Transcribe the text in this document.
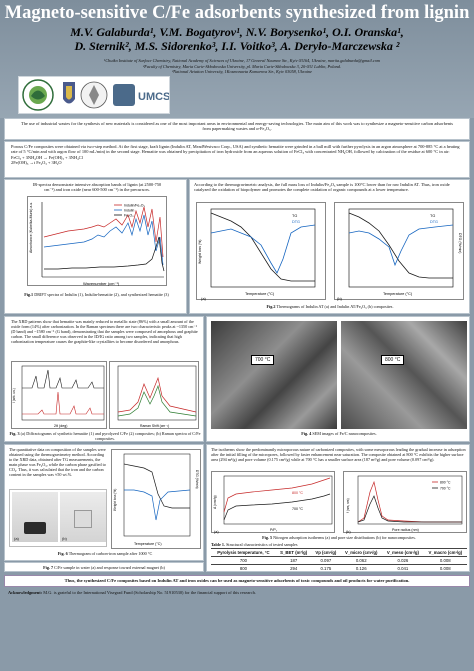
Magneto-sensitive C/Fe adsorbents synthesized from lignin
M.V. Galaburda¹, V.M. Bogatyrov¹, N.V. Borysenko¹, O.I. Oranska¹,
D. Sternik², M.S. Sidorenko³, I.I. Voitko³, A. Deryło-Marczewska ²
¹Chuiko Institute of Surface Chemistry, National Academy of Sciences of Ukraine, 17 General Naumov Str., Kyiv 03164, Ukraine, mariia.galaburda@gmail.com
²Faculty of Chemistry, Maria Curie-Skłodowska University, pl. Maria Curie-Skłodowska 3, 20-031 Lublin, Poland.
³National Aviation University, 1Kosmonavta Komarova Str., Kyiv 03058, Ukraine
UMCS
The use of industrial wastes for the synthesis of new materials is considered as one of the most important areas in environmental and energy-saving technologies. The main aim of this work was to synthesize a magneto-sensitive carbon adsorbents from papermaking wastes and α-Fe₂O₃.
Porous C/Fe composites were obtained via two-step method. At the first stage, kraft lignin (Indulin AT, MeadWestvaco Corp., USA) and synthetic hematite were grinded in a ball mill with further pyrolysis in an argon atmosphere at 700-885 °C at a heating rate of 5 °C/min and with argon flow of 100 mL/min) in the second stage. Hematite was obtained by precipitation of iron hydroxide from an aqueous solution of FeCl₃ with concentrated NH₄OH, followed by calcination of the residue at 600 °C in air:
FeCl₃ + 3NH₄OH → Fe(OH)₃ + 3NH₄Cl
2Fe(OH)₃ →t Fe₂O₃ + 3H₂O
IR-spectra demonstrate intensive absorption bands of lignin (at 2500-750 cm⁻¹) and iron oxide (near 600-500 cm⁻¹) in the precursors.
Absorbance (Kubelka-Munk) a.u.
Wavenumber (cm⁻¹)
Indulin/Fe₂O₃
Indulin
Fe₂O₃
Fig.1 DRIFT spectra of Indulin (1), Indulin-hematite (2), and synthesized hematite (3)
According to the thermogravimetric analysis, the full mass loss of Indulin/Fe₂O₃ sample is 100°C lower than for raw Indulin AT. Thus, iron oxide catalyzed the oxidation of biopolymer and promotes the complete oxidation of organic compounds at a lower temperature.
TG
DTG
Weight loss (%)
Temperature (°C)
(a)
TG
DTG
DTG (%/min)
Temperature (°C)
(b)
Fig.2 Thermograms of Indulin AT (a) and Indulin AT/Fe₂O₃ (b) composites.
The XRD patterns show that hematite was mainly reduced to metallic state (86%) with a small amount of the oxide form (14%) after carbonization. In the Raman spectrum there are two characteristic peaks at ~1350 cm⁻¹ (D band) and ~1580 cm⁻¹ (G band), demonstrating that the samples were composed of amorphous and graphite carbon. The small difference was observed in the ID/IG ratio among two samples, indicating that high carbonization temperature causes the graphite-like crystallites to become disordered and amorphous.
I (arb. un.)
2θ (deg)	Raman Shift (cm⁻¹)
Fig. 3 (a) Diffractograms of synthetic hematite (1) and pyrolyzed C/Fe (2) composites; (b) Raman spectra of C/Fe composites.
700 °C	800 °C
Fig. 4 SEM images of Fe/C nanocomposites.
The quantitative data on composition of the samples were obtained using the thermogravimetry method. According to the XRD data, obtained after TG measurements, the main phase was Fe₂O₃, while the carbon phase gasified to CO₂. Thus, it was calculated that the iron and the carbon content in the samples was ≈50 wt.%.
Weight loss (%)
DTG (%/min)
Temperature (°C)
Fig. 6 Thermogram of carbon-iron sample after 1000 °C
(a)	(b)
Fig. 7 C/Fe sample in water (a) and response toward external magnet (b)
The isotherms show the predominantly microporous nature of carbonized composites, with some mesoporous leading the gradual increase in adsorption after the initial filling of the micropores, followed by faster enhancement near saturation. The composite obtained at 800 °C exhibits the higher surface area (294 m²/g) and pore volume (0.175 cm³/g) while at 700 °C has a smaller surface area (187 m²/g) and pore volume (0.097 cm³/g).
800 °C
700 °C
A (cm³/g)
P/P₀
(a)
800 °C
700 °C
f (nm, nm)
Pore radius (nm)
(b)
Fig. 5 Nitrogen adsorption isotherms (a) and pore size distributions (b) for nanocomposites.
Table 1. Structural characteristics of tested samples
Pyrolysis temperature, °C	S_BET (m²/g)	Vp (cm³/g)	V_micro (cm³/g)	V_meso (cm³/g)	V_macro (cm³/g)
700	187	0.097	0.062	0.026	0.008
800	294	0.175	0.126	0.041	0.008
Thus, the synthesized C/Fe composites based on Indulin AT and iron oxides can be used as magneto-sensitive adsorbents of toxic compounds and oil products for water purification.
Acknowledgment: M.G. is grateful to the International Visegrad Fund (Scholarship No. 51910530) for the financial support of this research.
